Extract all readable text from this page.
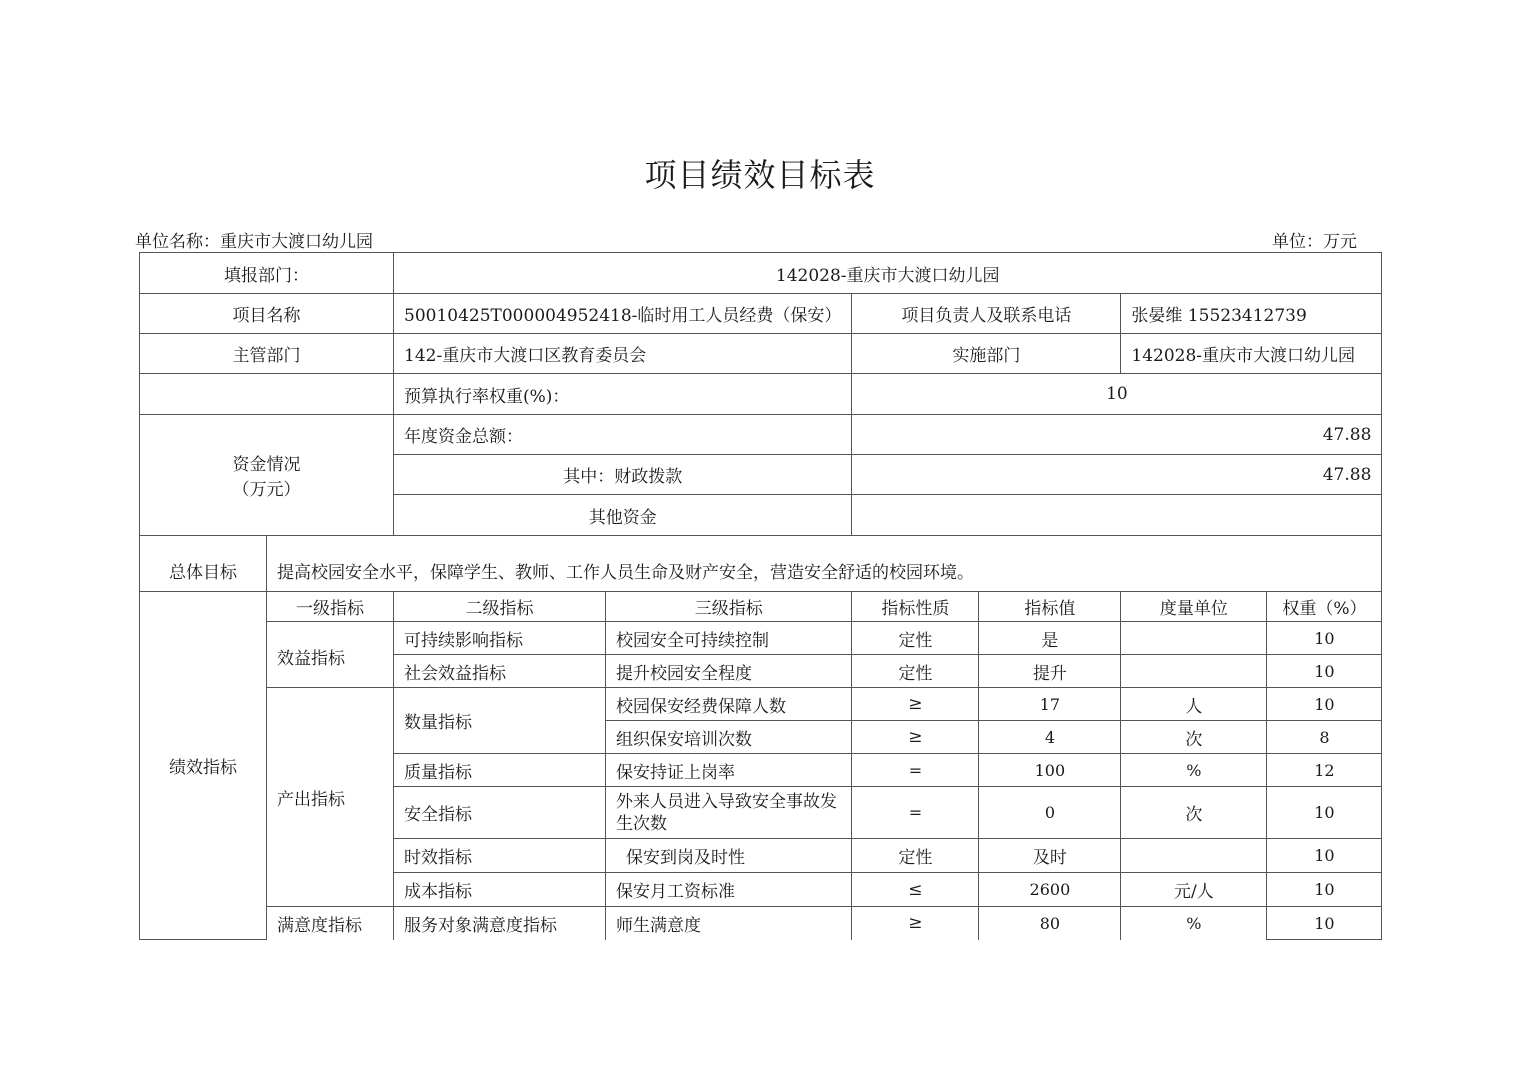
项目绩效目标表
单位名称：重庆市大渡口幼儿园	单位：万元
填报部门：		142028-重庆市大渡口幼儿园					
项目名称		50010425T000004952418-临时用工人员经费（保安）		项目负责人及联系电话		张晏维 15523412739	
主管部门		142-重庆市大渡口区教育委员会		实施部门		142028-重庆市大渡口幼儿园	
		预算执行率权重(%)：		10			

资金情况
（万元）		年度资金总额：		47.88			
		其中：财政拨款		47.88			
		其他资金					
总体目标	提高校园安全水平，保障学生、教师、工作人员生命及财产安全，营造安全舒适的校园环境。						
绩效指标	一级指标	二级指标	三级指标	指标性质	指标值	度量单位	权重（%）
	效益指标	可持续影响指标	校园安全可持续控制	定性	是		10
		社会效益指标	提升校园安全程度	定性	提升		10
	产出指标	数量指标	校园保安经费保障人数	≥	17	人	10
			组织保安培训次数	≥	4	次	8
		质量指标	保安持证上岗率	=	100	%	12
		安全指标	外来人员进入导致安全事故发生次数	=	0	次	10
		时效指标	保安到岗及时性	定性	及时		10
		成本指标	保安月工资标准	≤	2600	元/人	10
	满意度指标	服务对象满意度指标	师生满意度	≥	80	%	10
